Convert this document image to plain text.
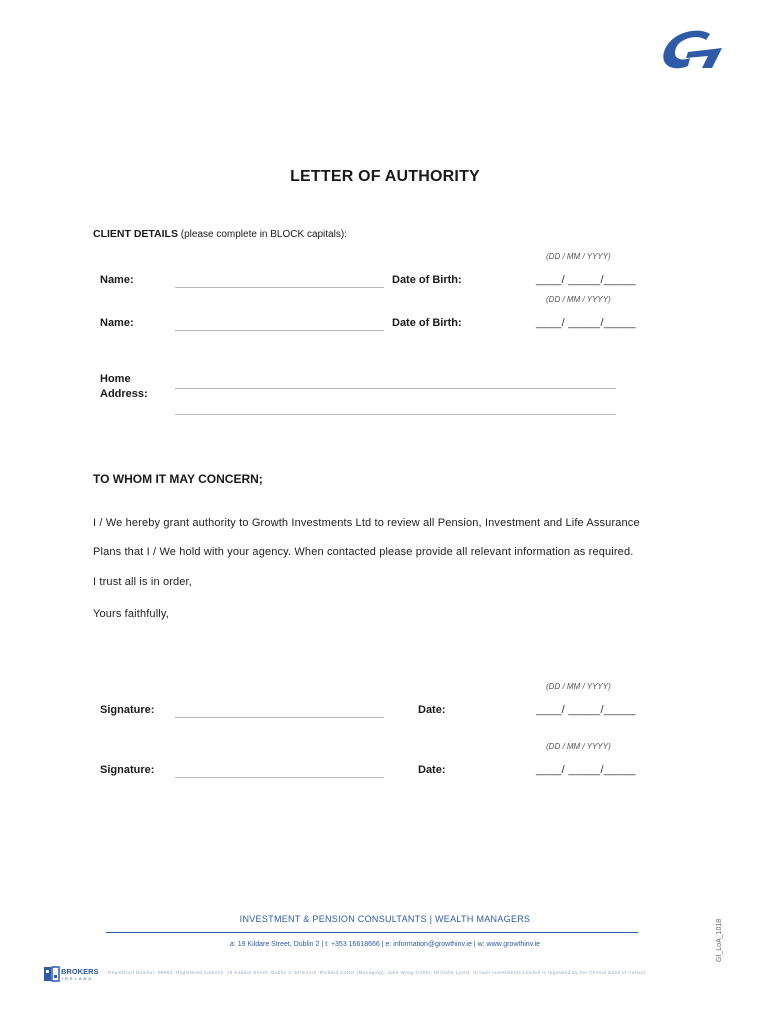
LETTER OF AUTHORITY
CLIENT DETAILS (please complete in BLOCK capitals):
(DD / MM / YYYY)
Name:	Date of Birth:	____/ _____/_____
(DD / MM / YYYY)
Name:	Date of Birth:	____/ _____/_____
Home
Address:
TO WHOM IT MAY CONCERN;
I / We hereby grant authority to Growth Investments Ltd to review all Pension, Investment and Life Assurance
Plans that I / We hold with your agency. When contacted please provide all relevant information as required.
I trust all is in order,
Yours faithfully,
(DD / MM / YYYY)
Signature:	Date:	____/ _____/_____
(DD / MM / YYYY)
Signature:	Date:	____/ _____/_____
INVESTMENT & PENSION CONSULTANTS | WEALTH MANAGERS
a: 19 Kildare Street, Dublin 2 | t: +353 16618666 | e: information@growthinv.ie | w: www.growthinv.ie
BROKERS
IRELAND
Registered Number: 99982. Registered Address: 19 Kildare Street, Dublin 2. Directors: Richard Cotter (Managing), Julie Wong-Cotter, Michelle Lyons. Growth Investments Limited is regulated by the Central Bank of Ireland.
GI_LoA_1018
